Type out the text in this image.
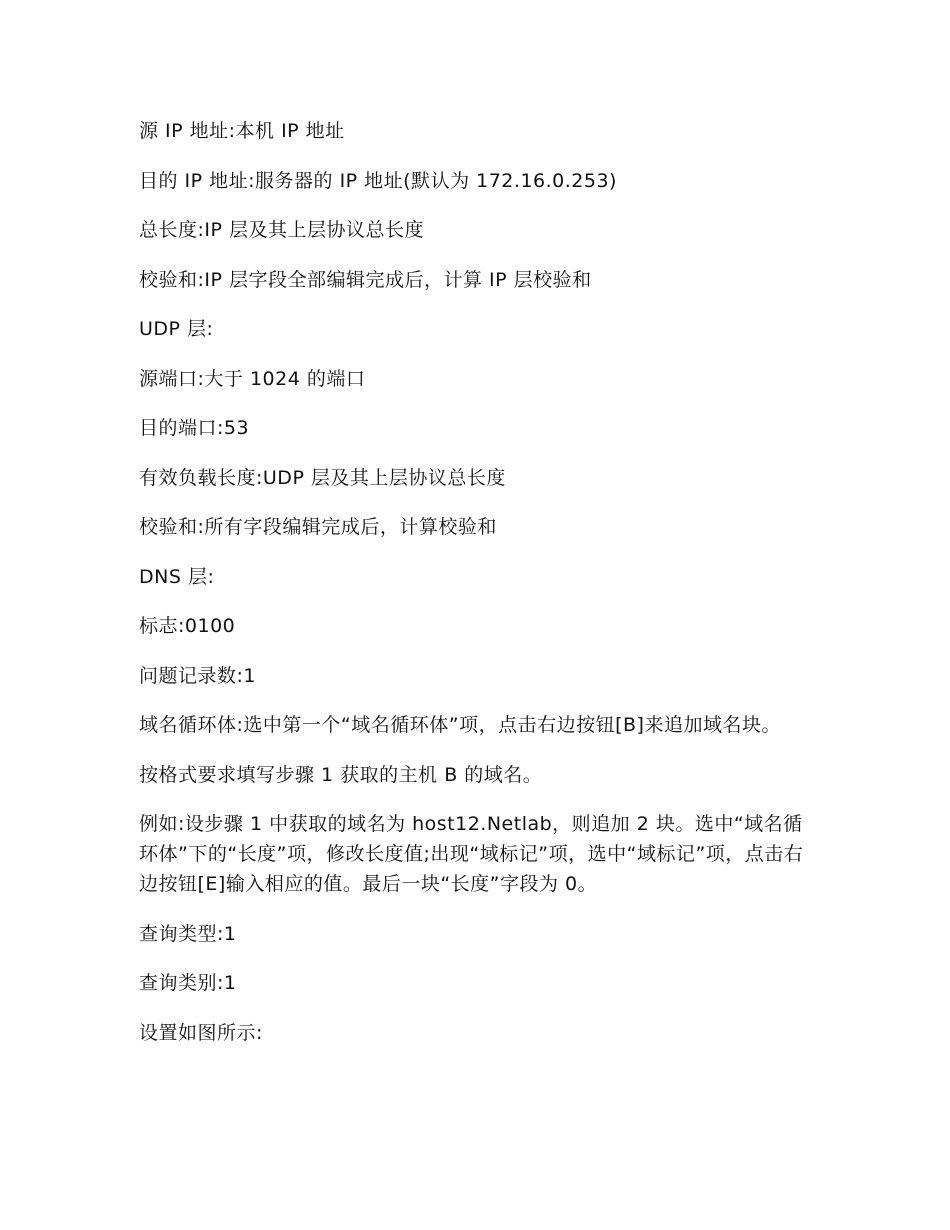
源 IP 地址:本机 IP 地址

目的 IP 地址:服务器的 IP 地址(默认为 172.16.0.253)

总长度:IP 层及其上层协议总长度

校验和:IP 层字段全部编辑完成后，计算 IP 层校验和

UDP 层:

源端口:大于 1024 的端口

目的端口:53

有效负载长度:UDP 层及其上层协议总长度

校验和:所有字段编辑完成后，计算校验和

DNS 层:

标志:0100

问题记录数:1

域名循环体:选中第一个“域名循环体”项，点击右边按钮[B]来追加域名块。

按格式要求填写步骤 1 获取的主机 B 的域名。

例如:设步骤 1 中获取的域名为 host12.Netlab，则追加 2 块。选中“域名循环体”下的“长度”项，修改长度值;出现“域标记”项，选中“域标记”项，点击右边按钮[E]输入相应的值。最后一块“长度”字段为 0。

查询类型:1

查询类别:1

设置如图所示:
